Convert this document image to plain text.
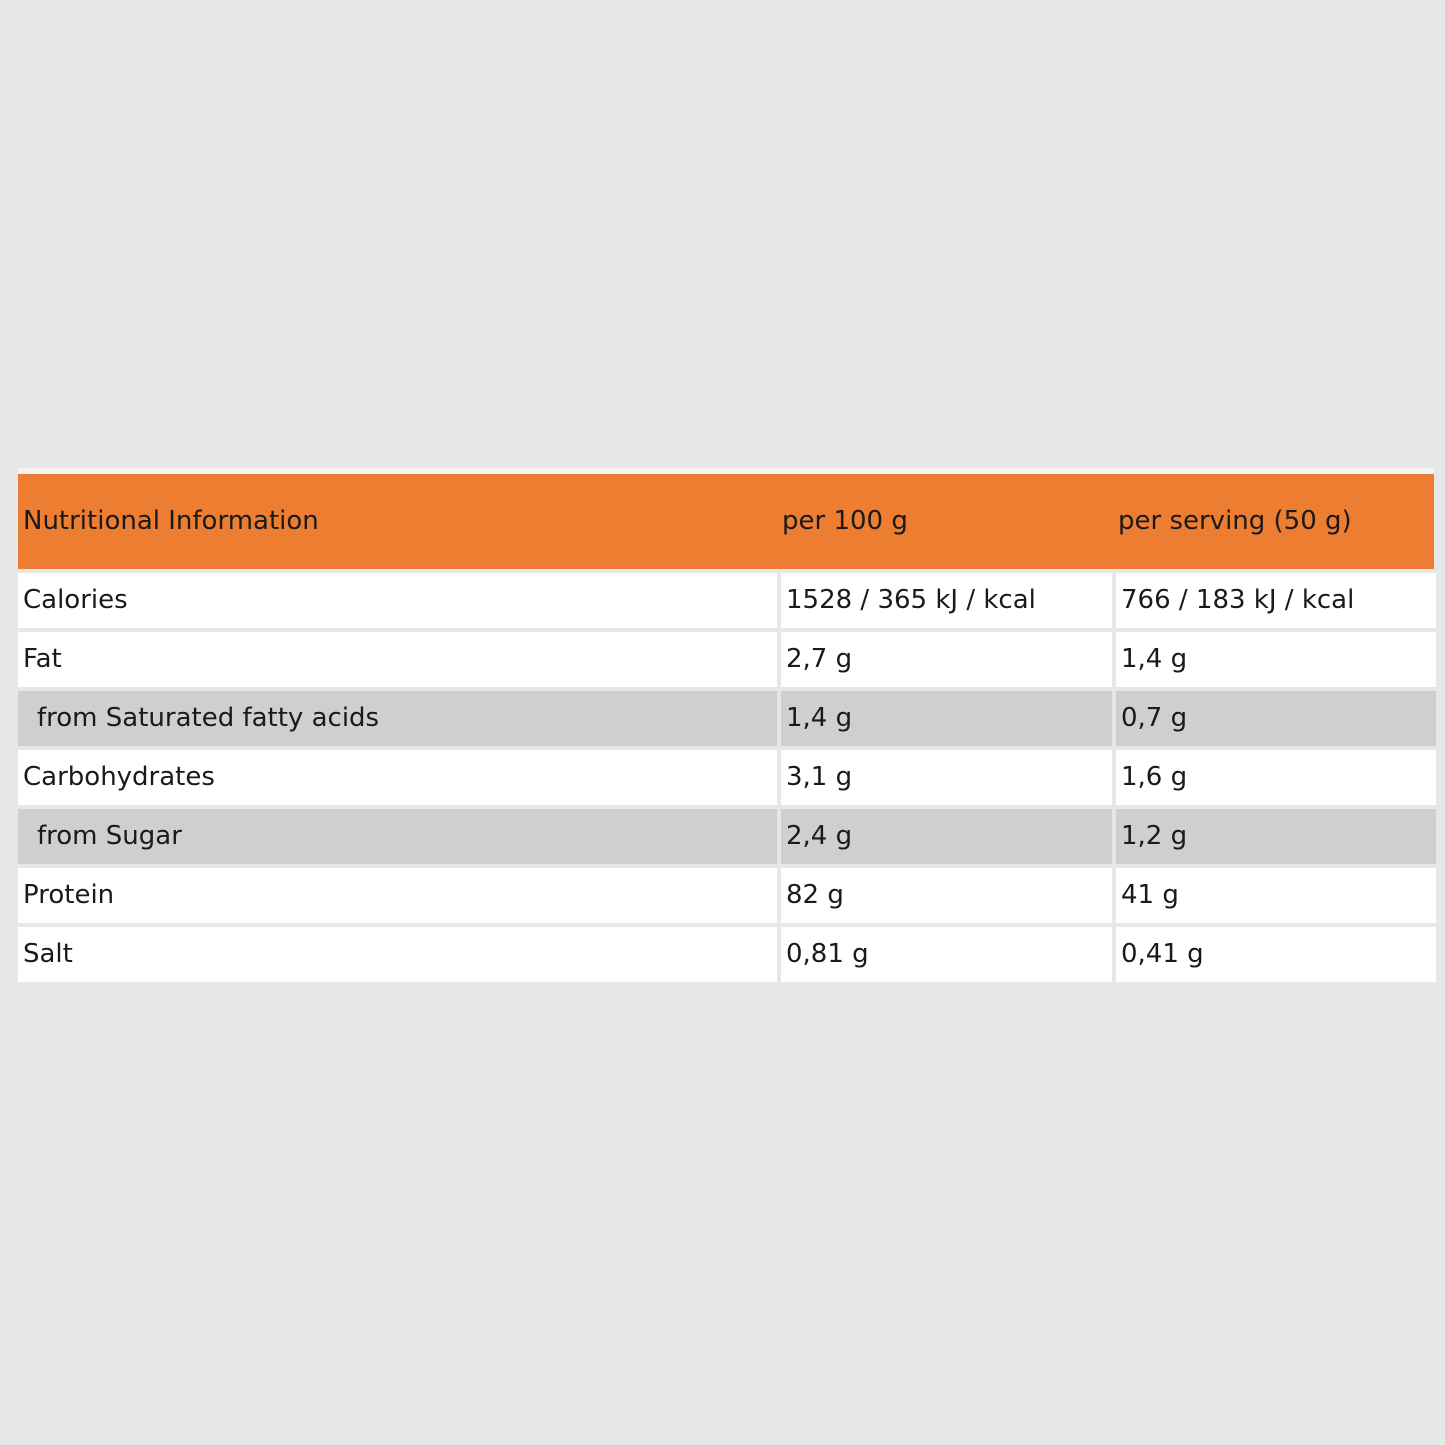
Nutritional Information	per 100 g	per serving (50 g)
Calories	1528 / 365 kJ / kcal	766 / 183 kJ / kcal
Fat	2,7 g	1,4 g
from Saturated fatty acids	1,4 g	0,7 g
Carbohydrates	3,1 g	1,6 g
from Sugar	2,4 g	1,2 g
Protein	82 g	41 g
Salt	0,81 g	0,41 g
